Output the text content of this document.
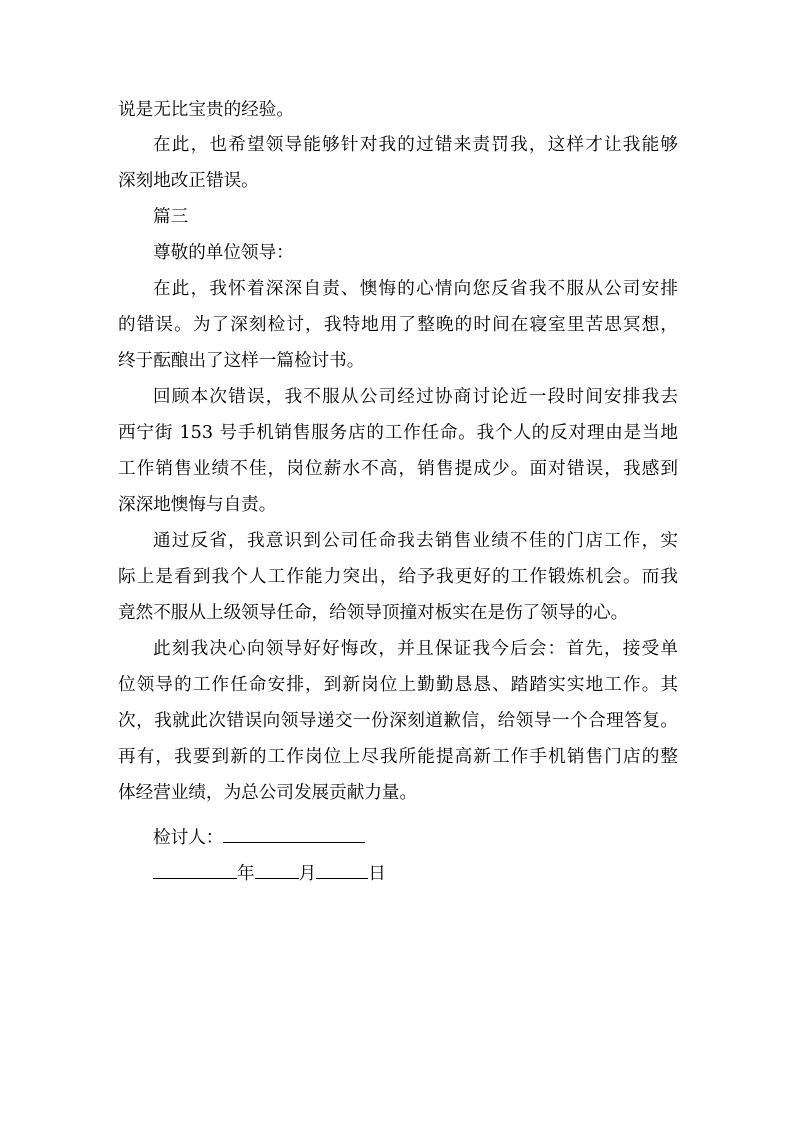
说是无比宝贵的经验。
在此，也希望领导能够针对我的过错来责罚我，这样才让我能够
深刻地改正错误。
篇三
尊敬的单位领导：
在此，我怀着深深自责、懊悔的心情向您反省我不服从公司安排
的错误。为了深刻检讨，我特地用了整晚的时间在寝室里苦思冥想，
终于酝酿出了这样一篇检讨书。
回顾本次错误，我不服从公司经过协商讨论近一段时间安排我去
西宁街 153 号手机销售服务店的工作任命。我个人的反对理由是当地
工作销售业绩不佳，岗位薪水不高，销售提成少。面对错误，我感到
深深地懊悔与自责。
通过反省，我意识到公司任命我去销售业绩不佳的门店工作，实
际上是看到我个人工作能力突出，给予我更好的工作锻炼机会。而我
竟然不服从上级领导任命，给领导顶撞对板实在是伤了领导的心。
此刻我决心向领导好好悔改，并且保证我今后会：首先，接受单
位领导的工作任命安排，到新岗位上勤勤恳恳、踏踏实实地工作。其
次，我就此次错误向领导递交一份深刻道歉信，给领导一个合理答复。
再有，我要到新的工作岗位上尽我所能提高新工作手机销售门店的整
体经营业绩，为总公司发展贡献力量。
检讨人：
年	月	日
